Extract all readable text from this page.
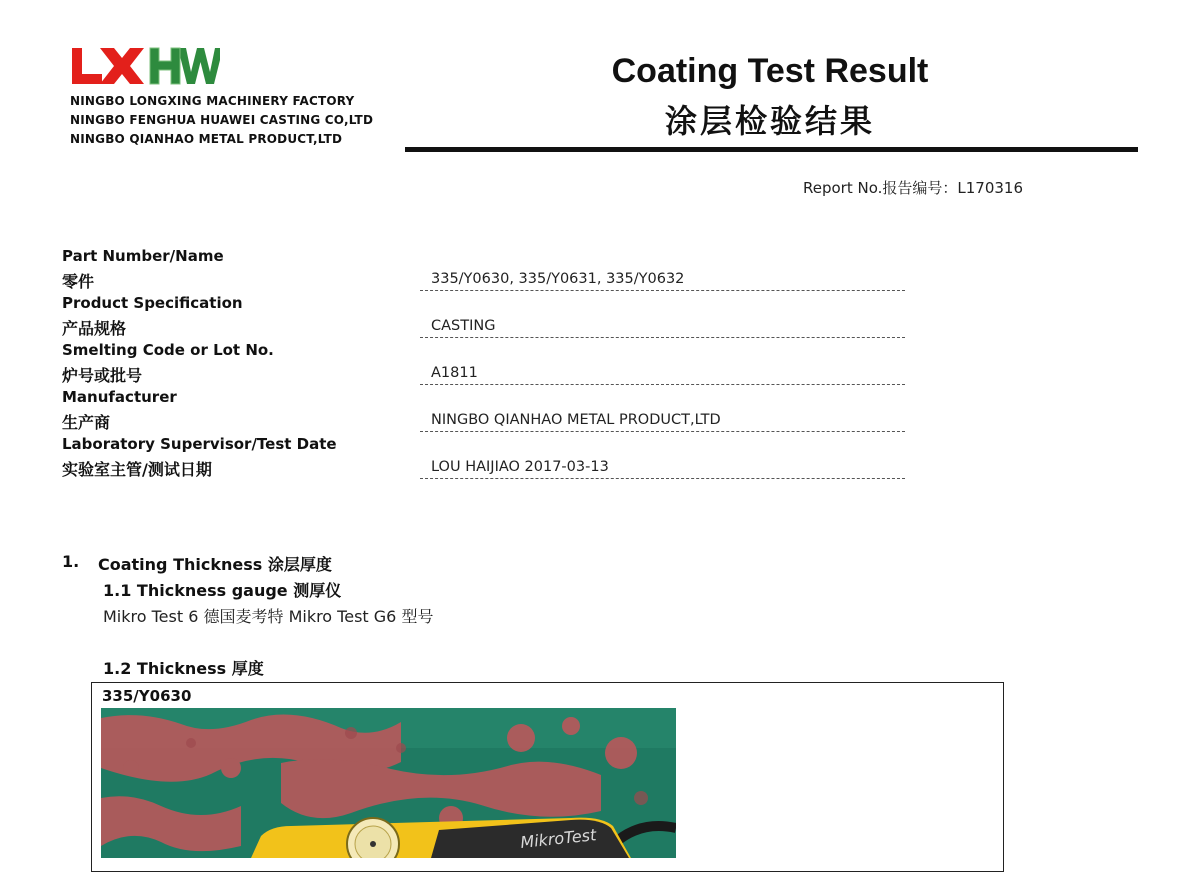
NINGBO LONGXING MACHINERY FACTORY
NINGBO FENGHUA HUAWEI CASTING CO,LTD
NINGBO QIANHAO METAL PRODUCT,LTD
Coating Test Result
涂层检验结果
Report No.报告编号：L170316
Part Number/Name
零件	335/Y0630, 335/Y0631, 335/Y0632
Product Specification
产品规格	CASTING
Smelting Code or Lot No.
炉号或批号	A1811
Manufacturer
生产商	NINGBO QIANHAO METAL PRODUCT,LTD
Laboratory Supervisor/Test Date
实验室主管/测试日期	LOU HAIJIAO 2017-03-13
1. Coating Thickness 涂层厚度
1.1 Thickness gauge 测厚仪
Mikro Test 6 德国麦考特 Mikro Test G6 型号
1.2 Thickness 厚度
335/Y0630
MikroTest
